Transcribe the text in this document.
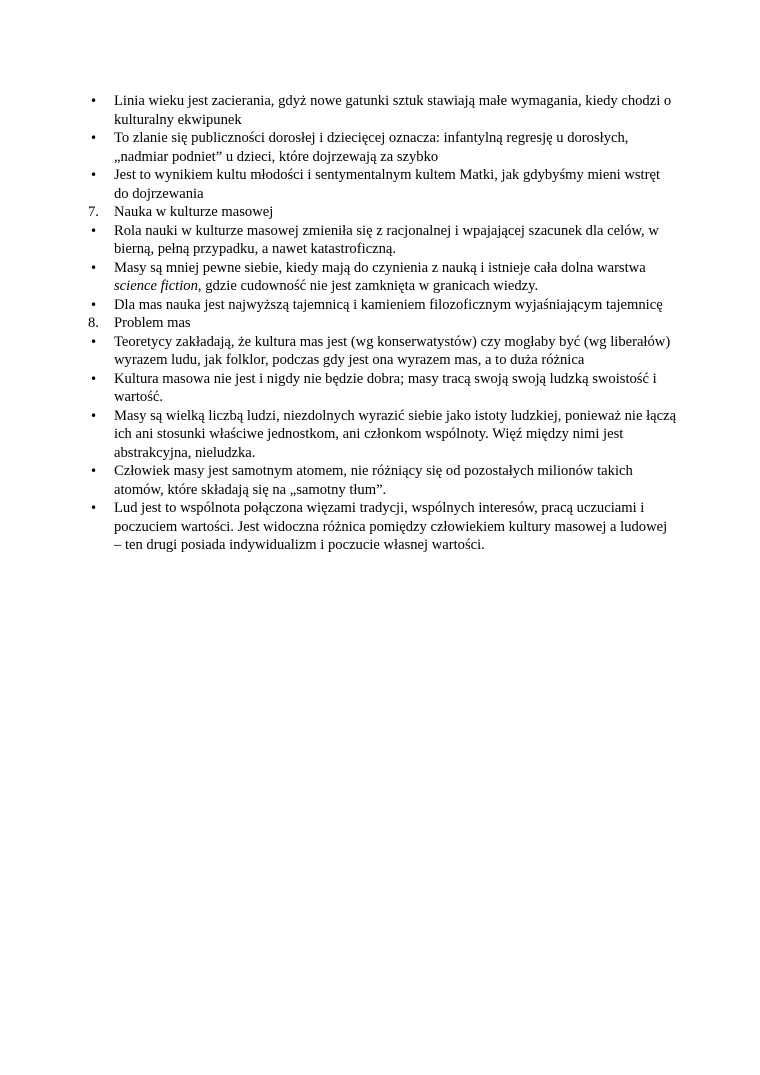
•	Linia wieku jest zacierania, gdyż nowe gatunki sztuk stawiają małe wymagania, kiedy chodzi o kulturalny ekwipunek
•	To zlanie się publiczności dorosłej i dziecięcej oznacza: infantylną regresję u dorosłych, „nadmiar podniet” u dzieci, które dojrzewają za szybko
•	Jest to wynikiem kultu młodości i sentymentalnym kultem Matki, jak gdybyśmy mieni wstręt do dojrzewania
7.	Nauka w kulturze masowej
•	Rola nauki w kulturze masowej zmieniła się z racjonalnej i wpajającej szacunek dla celów, w bierną, pełną przypadku, a nawet katastroficzną.
•	Masy są mniej pewne siebie, kiedy mają do czynienia z nauką i istnieje cała dolna warstwa science fiction, gdzie cudowność nie jest zamknięta w granicach wiedzy.
•	Dla mas nauka jest najwyższą tajemnicą i kamieniem filozoficznym wyjaśniającym tajemnicę
8.	Problem mas
•	Teoretycy zakładają, że kultura mas jest (wg konserwatystów) czy mogłaby być (wg liberałów) wyrazem ludu, jak folklor, podczas gdy jest ona wyrazem mas, a to duża różnica
•	Kultura masowa nie jest i nigdy nie będzie dobra; masy tracą swoją swoją ludzką swoistość i wartość.
•	Masy są wielką liczbą ludzi, niezdolnych wyrazić siebie jako istoty ludzkiej, ponieważ nie łączą ich ani stosunki właściwe jednostkom, ani członkom wspólnoty. Więź między nimi jest abstrakcyjna, nieludzka.
•	Człowiek masy jest samotnym atomem, nie różniący się od pozostałych milionów takich atomów, które składają się na „samotny tłum”.
•	Lud jest to wspólnota połączona więzami tradycji, wspólnych interesów, pracą uczuciami i poczuciem wartości. Jest widoczna różnica pomiędzy człowiekiem kultury masowej a ludowej – ten drugi posiada indywidualizm i poczucie własnej wartości.
